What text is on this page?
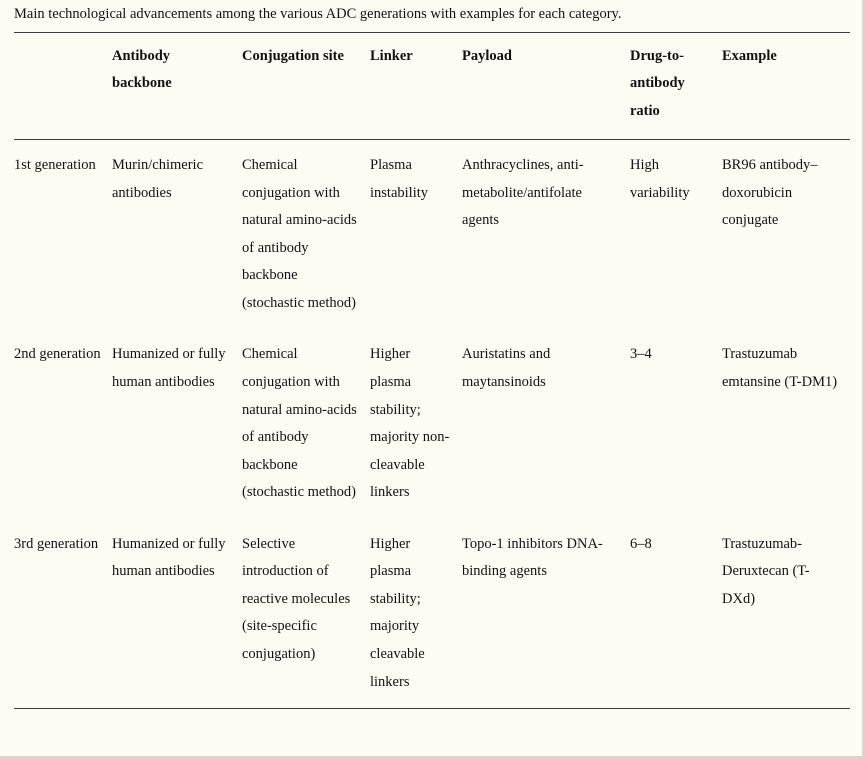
Main technological advancements among the various ADC generations with examples for each category.
	Antibody backbone	Conjugation site	Linker	Payload	Drug-to-antibody ratio	Example
1st generation	Murin/chimeric antibodies	Chemical conjugation with natural amino-acids of antibody backbone (stochastic method)	Plasma instability	Anthracyclines, anti-metabolite/antifolate agents	High variability	BR96 antibody–doxorubicin conjugate
2nd generation	Humanized or fully human antibodies	Chemical conjugation with natural amino-acids of antibody backbone (stochastic method)	Higher plasma stability; majority non-cleavable linkers	Auristatins and maytansinoids	3–4	Trastuzumab emtansine (T-DM1)
3rd generation	Humanized or fully human antibodies	Selective introduction of reactive molecules (site-specific conjugation)	Higher plasma stability; majority cleavable linkers	Topo-1 inhibitors DNA-binding agents	6–8	Trastuzumab-Deruxtecan (T-DXd)
